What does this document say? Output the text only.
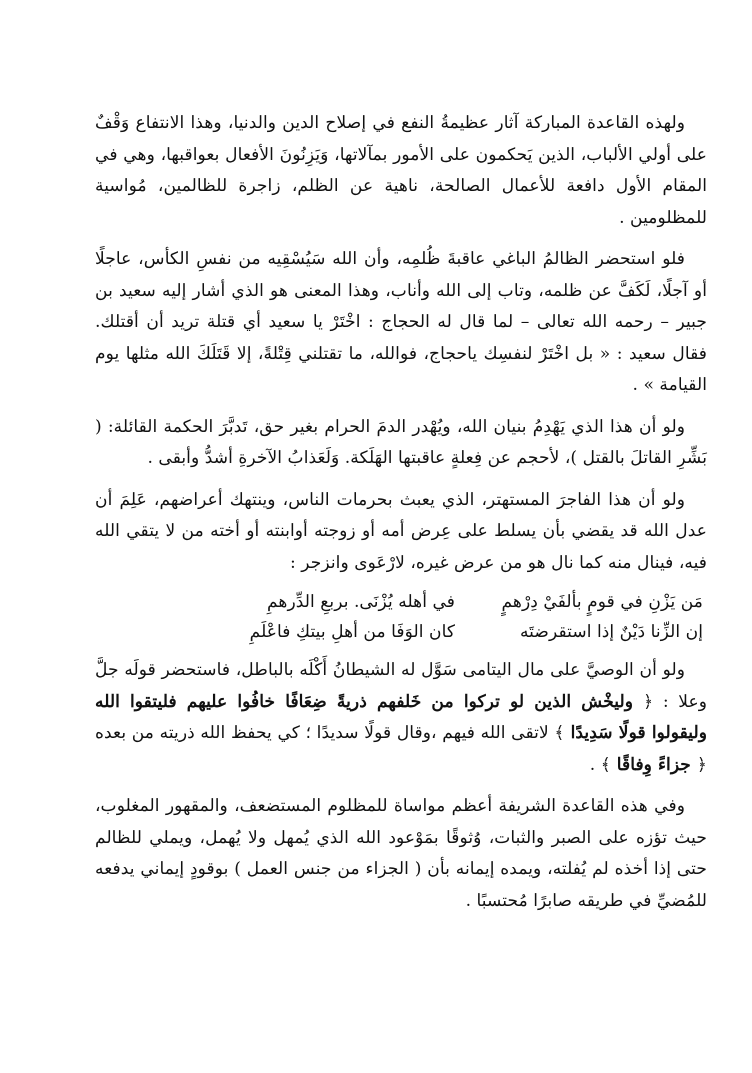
ولهذه القاعدة المباركة آثار عظيمةُ النفع في إصلاح الدين والدنيا، وهذا الانتفاع وَقْفٌ على أولي الألباب، الذين يَحكمون على الأمور بمآلاتها، وَيَزِنُونَ الأفعال بعواقبها، وهي في المقام الأول دافعة للأعمال الصالحة، ناهية عن الظلم، زاجرة للظالمين، مُواسية للمظلومين .

فلو استحضر الظالمُ الباغي عاقبةَ ظُلمِه، وأن الله سَيُسْقِيه من نفسِ الكأس، عاجلًا أو آجلًا، لَكَفَّ عن ظلمه، وتاب إلى الله وأناب، وهذا المعنى هو الذي أشار إليه سعيد بن جبير – رحمه الله تعالى – لما قال له الحجاج : اخْتَرْ يا سعيد أي قتلة تريد أن أقتلك. فقال سعيد : « بل اخْتَرْ لنفسِك ياحجاج، فوالله، ما تقتلني قِتْلةً، إلا قَتَلَكَ الله مثلها يوم القيامة » .

ولو أن هذا الذي يَهْدِمُ بنيان الله، ويُهْدر الدمَ الحرام بغير حق، تَدبَّرَ الحكمة القائلة: ( بَشِّرِ القاتلَ بالقتل )، لأحجم عن فِعلةٍ عاقبتها الهَلَكة. وَلَعَذابُ الآخرةِ أشدُّ وأبقى .

ولو أن هذا الفاجرَ المستهتر، الذي يعبث بحرمات الناس، وينتهك أعراضهم، عَلِمَ أن عدل الله قد يقضي بأن يسلط على عِرض أمه أو زوجته أوابنته أو أخته من لا يتقي الله فيه، فينال منه كما نال هو من عرض غيره، لارْعَوى وانزجر :

مَن يَزْنِ في قومٍ بألفَيْ دِرْهمٍ
في أهله يُزْنَى. بربعِ الدِّرهمِ
إن الزِّنا دَيْنٌ إذا استقرضتَه
كان الوَفَا من أهلِ بيتكِ فاعْلَمِ

ولو أن الوصيَّ على مال اليتامى سَوَّل له الشيطانُ أَكْلَه بالباطل، فاستحضر قولَه جلَّ وعلا : ﴿ وليخْش الذين لو تركوا من خَلفهم ذريةً ضِعَافًا خافُوا عليهم فليتقوا الله وليقولوا قولًا سَدِيدًا ﴾ لاتقى الله فيهم ،وقال قولًا سديدًا ؛ كي يحفظ الله ذريته من بعده ﴿ جزاءً وِفاقًا ﴾ .

وفي هذه القاعدة الشريفة أعظم مواساة للمظلوم المستضعف، والمقهور المغلوب، حيث تؤزه على الصبر والثبات، وُثوقًا بمَوْعود الله الذي يُمهل ولا يُهمل، ويملي للظالم حتى إذا أخذه لم يُفلته، ويمده إيمانه بأن ( الجزاء من جنس العمل ) بوقودٍ إيماني يدفعه للمُضيِّ في طريقه صابرًا مُحتسبًا .
